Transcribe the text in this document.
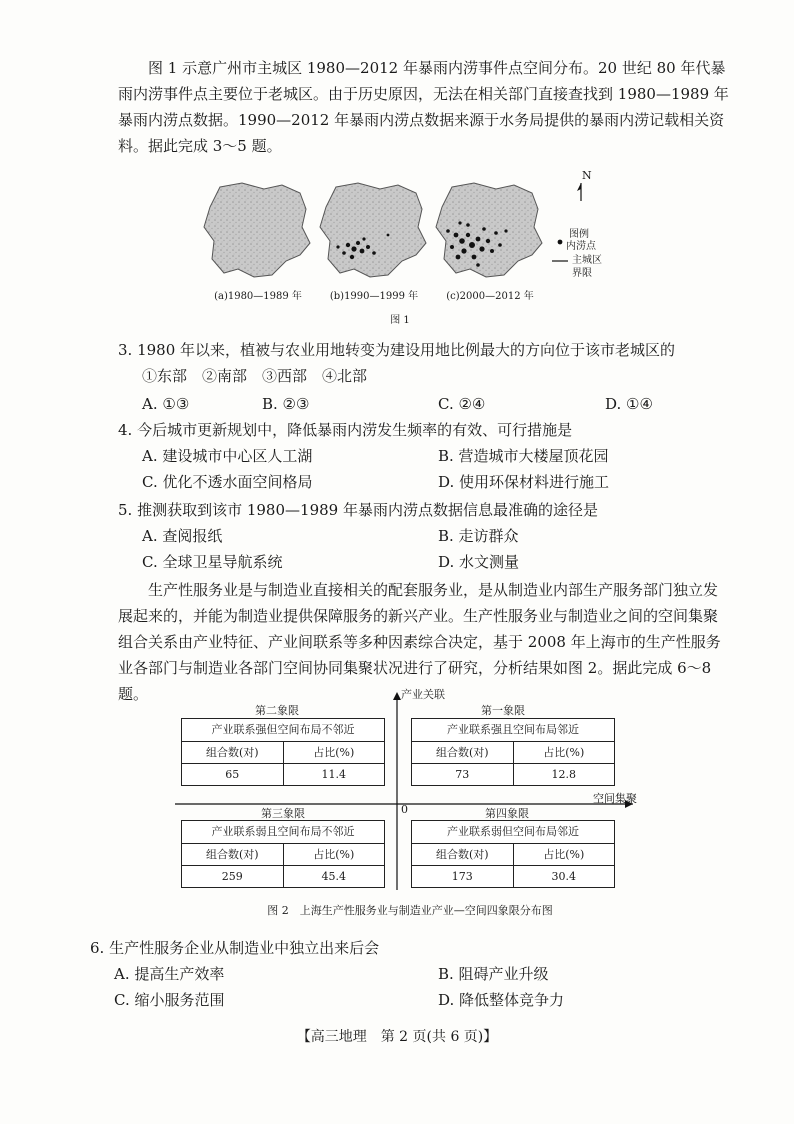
图 1 示意广州市主城区 1980—2012 年暴雨内涝事件点空间分布。20 世纪 80 年代暴雨内涝事件点主要位于老城区。由于历史原因，无法在相关部门直接查找到 1980—1989 年暴雨内涝点数据。1990—2012 年暴雨内涝点数据来源于水务局提供的暴雨内涝记载相关资料。据此完成 3～5 题。
N
图例
内涝点
主城区
界限
(a)1980—1989 年	(b)1990—1999 年	(c)2000—2012 年
图 1
3. 1980 年以来，植被与农业用地转变为建设用地比例最大的方向位于该市老城区的
①东部　②南部　③西部　④北部
A. ①③	B. ②③	C. ②④	D. ①④
4. 今后城市更新规划中，降低暴雨内涝发生频率的有效、可行措施是
A. 建设城市中心区人工湖	B. 营造城市大楼屋顶花园
C. 优化不透水面空间格局	D. 使用环保材料进行施工
5. 推测获取到该市 1980—1989 年暴雨内涝点数据信息最准确的途径是
A. 查阅报纸	B. 走访群众
C. 全球卫星导航系统	D. 水文测量
生产性服务业是与制造业直接相关的配套服务业，是从制造业内部生产服务部门独立发展起来的，并能为制造业提供保障服务的新兴产业。生产性服务业与制造业之间的空间集聚组合关系由产业特征、产业间联系等多种因素综合决定，基于 2008 年上海市的生产性服务业各部门与制造业各部门空间协同集聚状况进行了研究，分析结果如图 2。据此完成 6～8 题。	产业关联
空间集聚
0
第二象限
产业联系强但空间布局不邻近
组合数(对)	占比(%)
65	11.4
第一象限
产业联系强且空间布局邻近
组合数(对)	占比(%)
73	12.8
第三象限
产业联系弱且空间布局不邻近
组合数(对)	占比(%)
259	45.4
第四象限
产业联系弱但空间布局邻近
组合数(对)	占比(%)
173	30.4
图 2　上海生产性服务业与制造业产业—空间四象限分布图
6. 生产性服务企业从制造业中独立出来后会
A. 提高生产效率	B. 阻碍产业升级
C. 缩小服务范围	D. 降低整体竞争力
【高三地理　第 2 页(共 6 页)】
